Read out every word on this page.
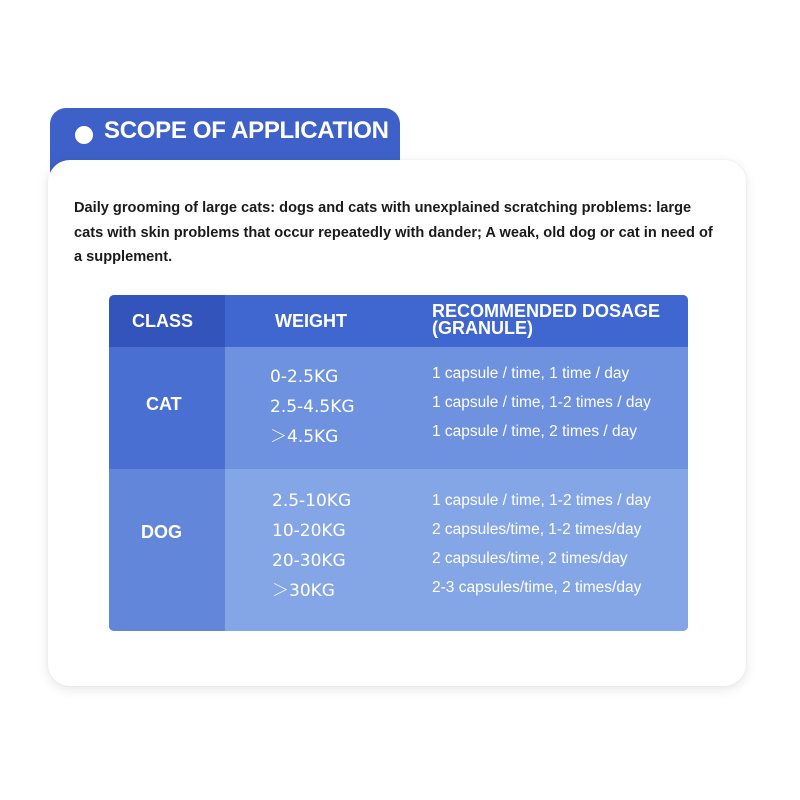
SCOPE OF APPLICATION
Daily grooming of large cats: dogs and cats with unexplained scratching problems: large cats with skin problems that occur repeatedly with dander; A weak, old dog or cat in need of a supplement.
CLASS	WEIGHT	RECOMMENDED DOSAGE
(GRANULE)
CAT
0-2.5KG
2.5-4.5KG
＞4.5KG
1 capsule / time, 1 time / day
1 capsule / time, 1-2 times / day
1 capsule / time, 2 times / day
DOG
2.5-10KG
10-20KG
20-30KG
＞30KG
1 capsule / time, 1-2 times / day
2 capsules/time, 1-2 times/day
2 capsules/time, 2 times/day
2-3 capsules/time, 2 times/day
